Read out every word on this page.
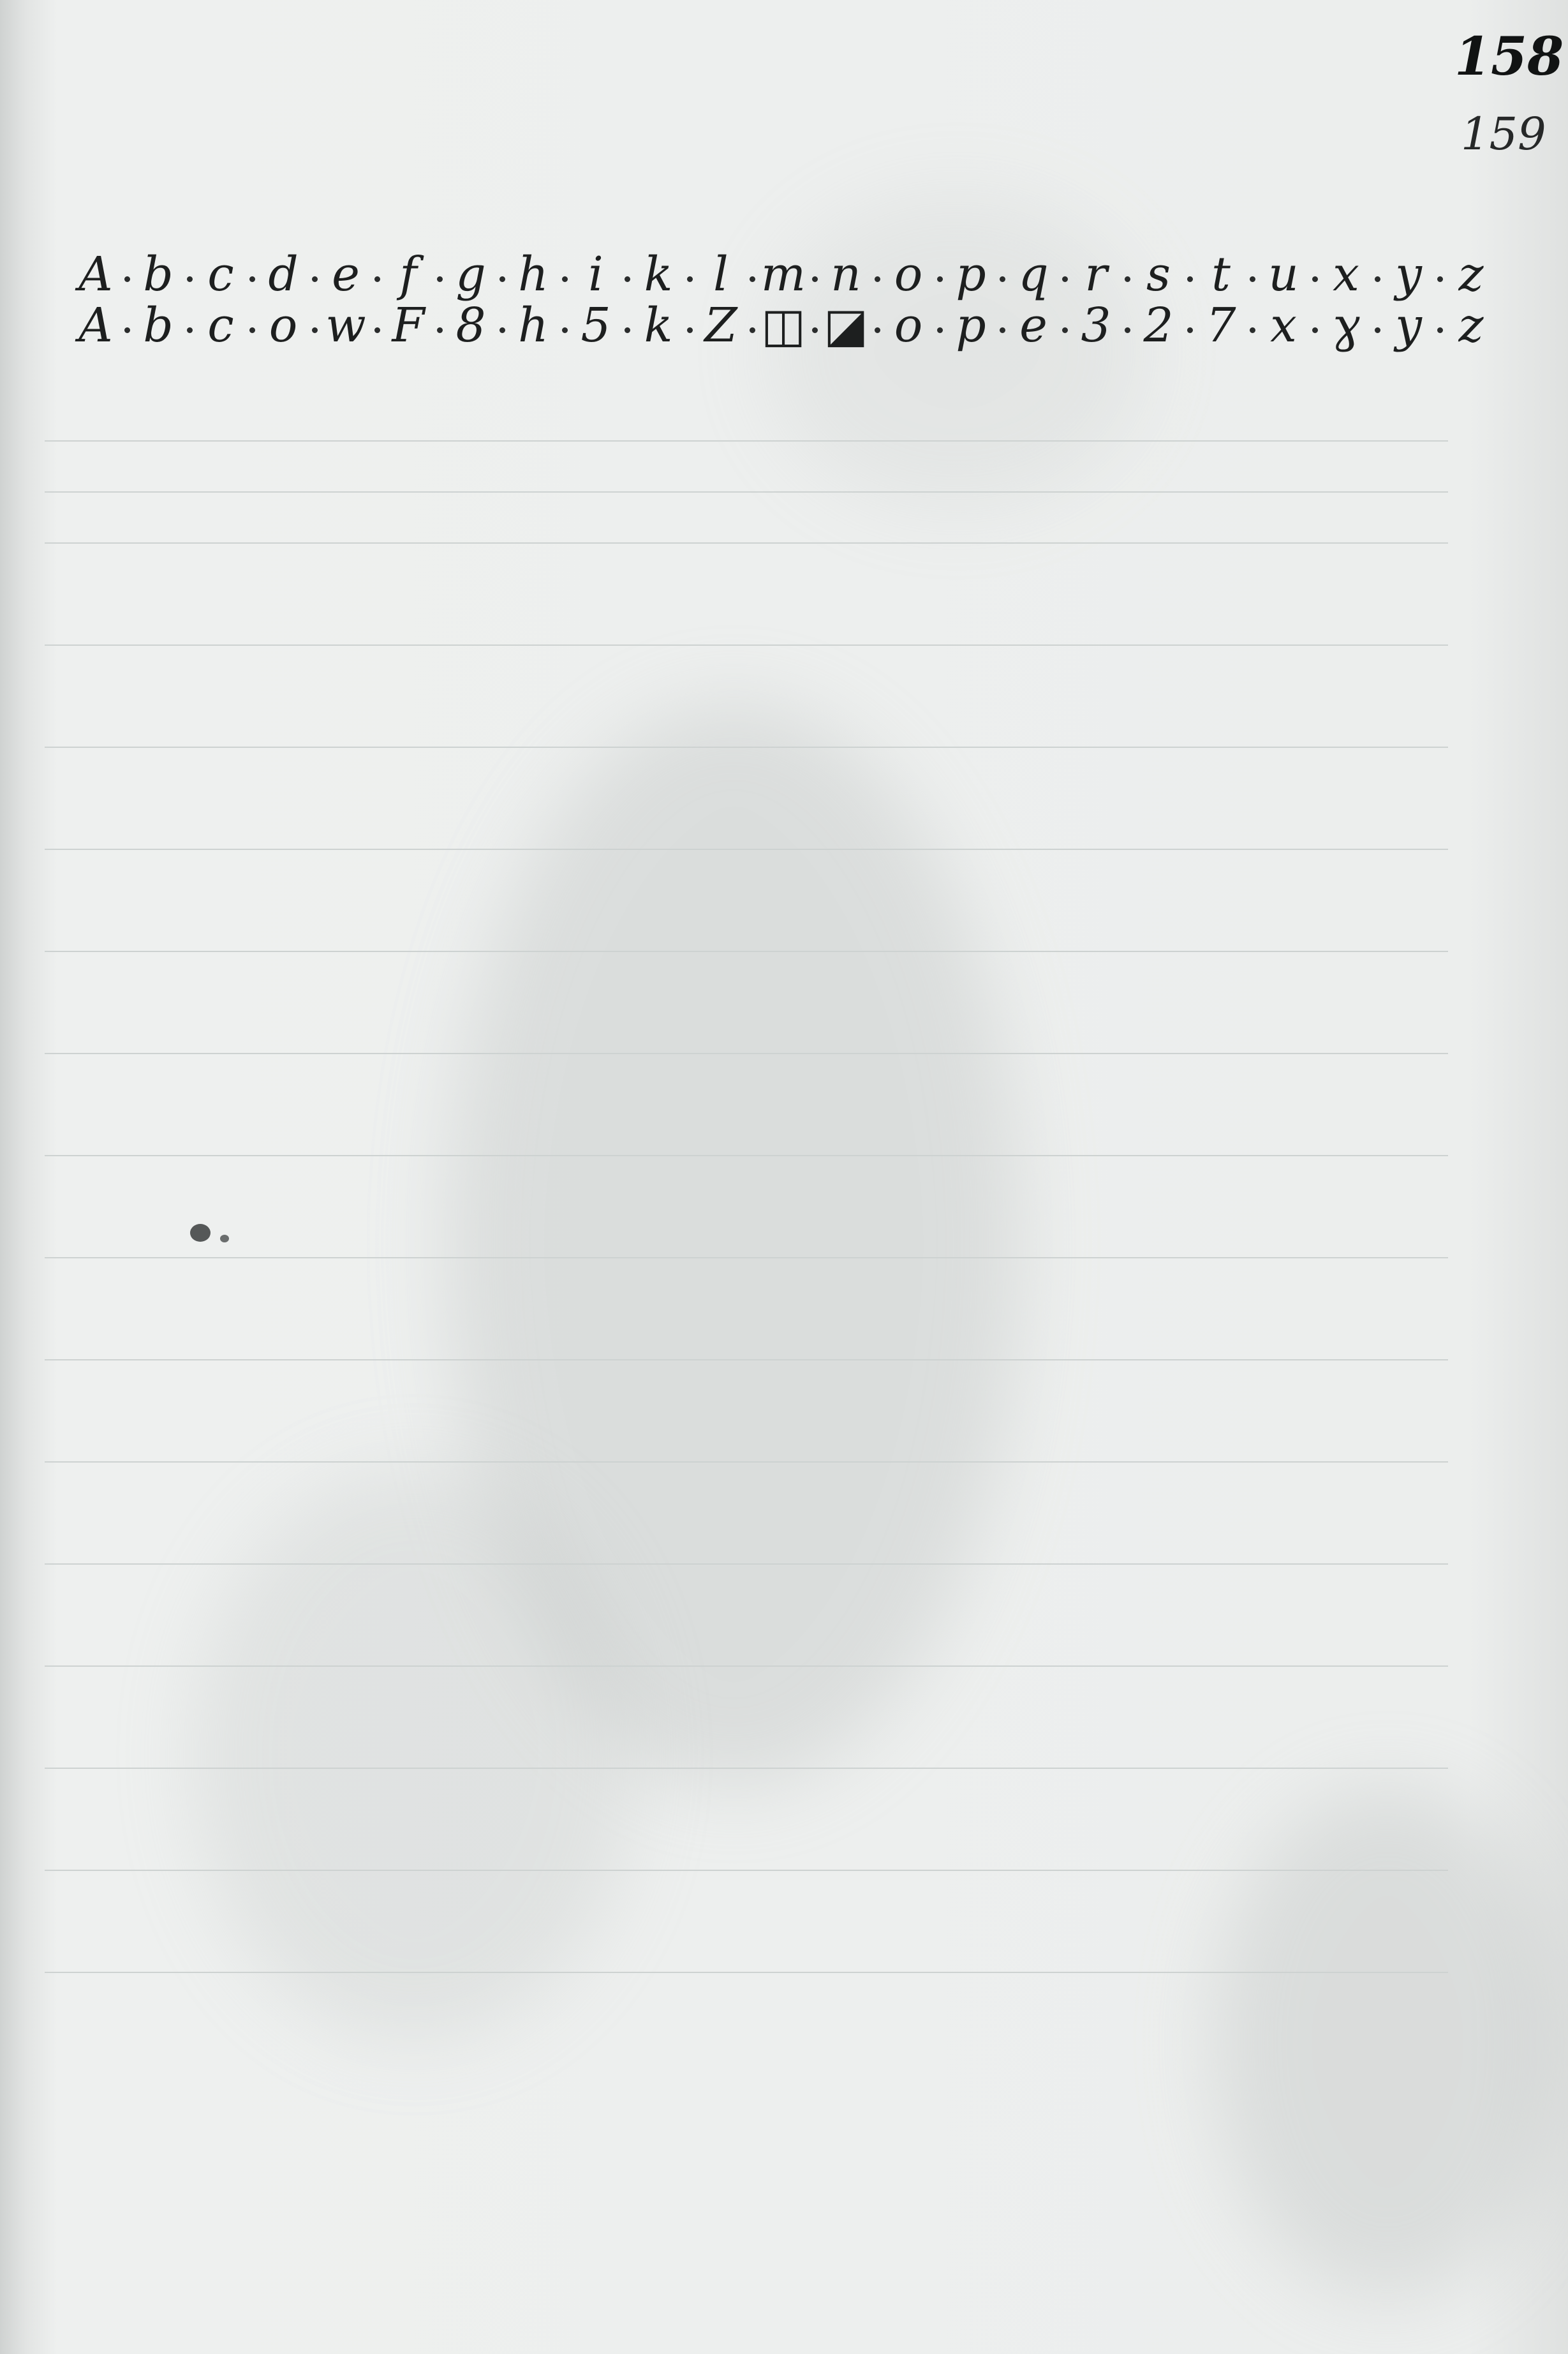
158
159
A b c d e f g h i k l m n o p q r s t u x y z
A b c o w F 8 h 5 k Z ◫ ◪ o p e 3 2 7 x ɣ y z
